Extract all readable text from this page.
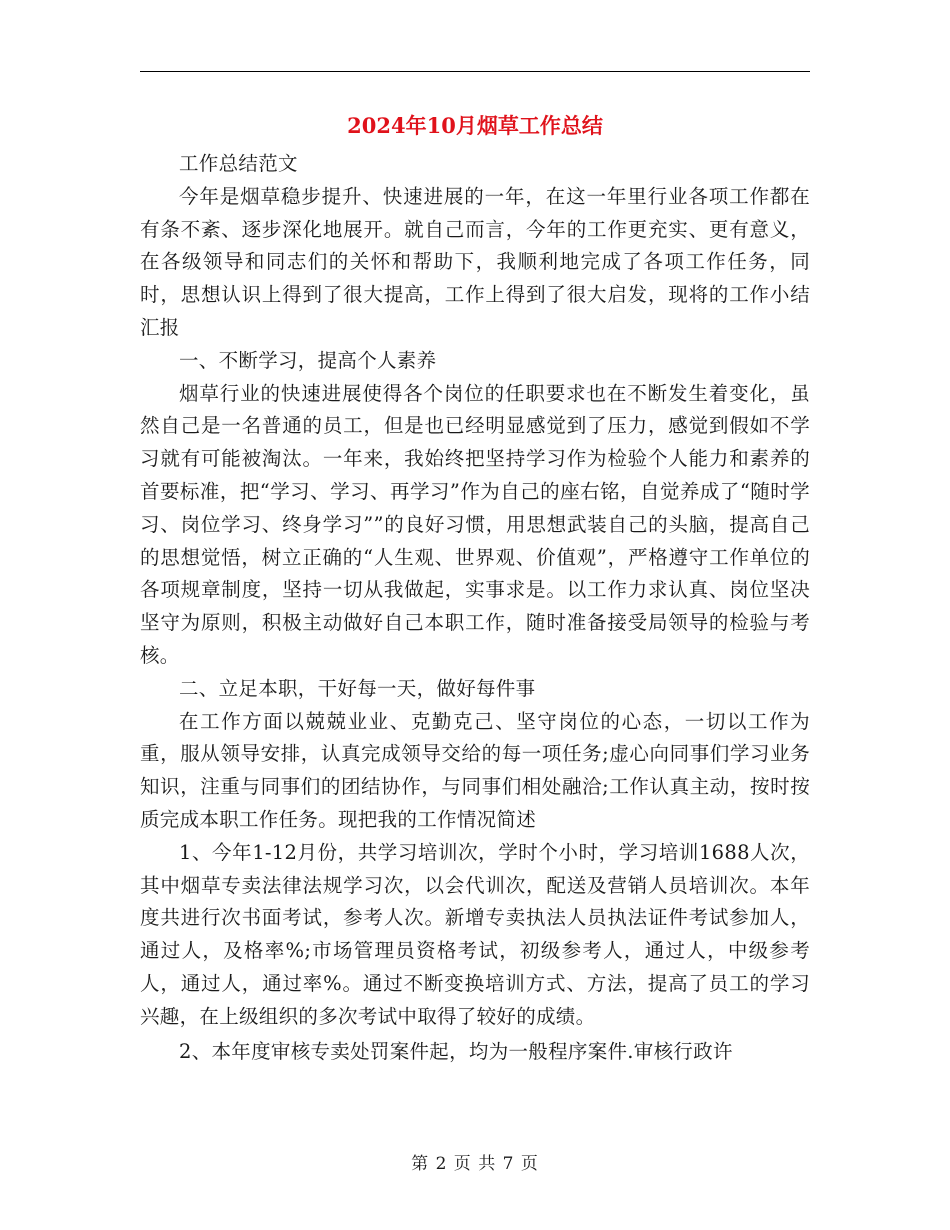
2024年10月烟草工作总结

工作总结范文

今年是烟草稳步提升、快速进展的一年，在这一年里行业各项工作都在有条不紊、逐步深化地展开。就自己而言，今年的工作更充实、更有意义，在各级领导和同志们的关怀和帮助下，我顺利地完成了各项工作任务，同时，思想认识上得到了很大提高，工作上得到了很大启发，现将的工作小结汇报

一、不断学习，提高个人素养

烟草行业的快速进展使得各个岗位的任职要求也在不断发生着变化，虽然自己是一名普通的员工，但是也已经明显感觉到了压力，感觉到假如不学习就有可能被淘汰。一年来，我始终把坚持学习作为检验个人能力和素养的首要标准，把“学习、学习、再学习”作为自己的座右铭，自觉养成了“随时学习、岗位学习、终身学习””的良好习惯，用思想武装自己的头脑，提高自己的思想觉悟，树立正确的“人生观、世界观、价值观”，严格遵守工作单位的各项规章制度，坚持一切从我做起，实事求是。以工作力求认真、岗位坚决坚守为原则，积极主动做好自己本职工作，随时准备接受局领导的检验与考核。

二、立足本职，干好每一天，做好每件事

在工作方面以兢兢业业、克勤克己、坚守岗位的心态，一切以工作为重，服从领导安排，认真完成领导交给的每一项任务;虚心向同事们学习业务知识，注重与同事们的团结协作，与同事们相处融洽;工作认真主动，按时按质完成本职工作任务。现把我的工作情况简述

1、今年1-12月份，共学习培训次，学时个小时，学习培训1688人次，其中烟草专卖法律法规学习次，以会代训次，配送及营销人员培训次。本年度共进行次书面考试，参考人次。新增专卖执法人员执法证件考试参加人，通过人，及格率%;市场管理员资格考试，初级参考人，通过人，中级参考人，通过人，通过率%。通过不断变换培训方式、方法，提高了员工的学习兴趣，在上级组织的多次考试中取得了较好的成绩。

2、本年度审核专卖处罚案件起，均为一般程序案件.审核行政许

第 2 页 共 7 页
